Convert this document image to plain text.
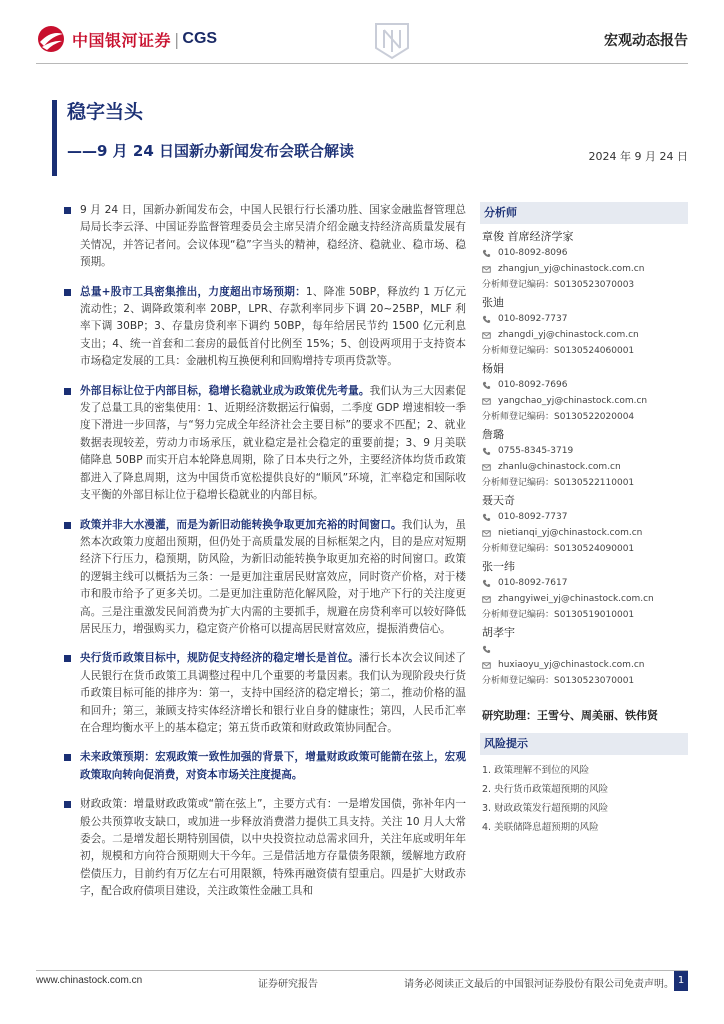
中国银河证券 | CGS	宏观动态报告
稳字当头
——9 月 24 日国新办新闻发布会联合解读	2024 年 9 月 24 日
9 月 24 日，国新办新闻发布会，中国人民银行行长潘功胜、国家金融监督管理总局局长李云泽、中国证券监督管理委员会主席吴清介绍金融支持经济高质量发展有关情况，并答记者问。会议体现“稳”字当头的精神，稳经济、稳就业、稳市场、稳预期。
总量+股市工具密集推出，力度超出市场预期：1、降准 50BP，释放约 1 万亿元流动性；2、调降政策利率 20BP，LPR、存款利率同步下调 20~25BP，MLF 利率下调 30BP；3、存量房贷利率下调约 50BP，每年给居民节约 1500 亿元利息支出；4、统一首套和二套房的最低首付比例至 15%；5、创设两项用于支持资本市场稳定发展的工具：金融机构互换便利和回购增持专项再贷款等。
外部目标让位于内部目标，稳增长稳就业成为政策优先考量。我们认为三大因素促发了总量工具的密集使用：1、近期经济数据运行偏弱，二季度 GDP 增速相较一季度下滑进一步回落，与“努力完成全年经济社会主要目标”的要求不匹配；2、就业数据表现较差，劳动力市场承压，就业稳定是社会稳定的重要前提；3、9 月美联储降息 50BP 而实开启本轮降息周期，除了日本央行之外，主要经济体均货币政策都进入了降息周期，这为中国货币宽松提供良好的“顺风”环境，汇率稳定和国际收支平衡的外部目标让位于稳增长稳就业的内部目标。
政策并非大水漫灌，而是为新旧动能转换争取更加充裕的时间窗口。我们认为，虽然本次政策力度超出预期，但仍处于高质量发展的目标框架之内，目的是应对短期经济下行压力，稳预期，防风险，为新旧动能转换争取更加充裕的时间窗口。政策的逻辑主线可以概括为三条：一是更加注重居民财富效应，同时资产价格，对于楼市和股市给予了更多关切。二是更加注重防范化解风险，对于地产下行的关注度更高。三是注重激发民间消费为扩大内需的主要抓手，规避在房贷利率可以较好降低居民压力，增强购买力，稳定资产价格可以提高居民财富效应，提振消费信心。
央行货币政策目标中，规防促支持经济的稳定增长是首位。潘行长本次会议间述了人民银行在货币政策工具调整过程中几个重要的考量因素。我们认为现阶段央行货币政策目标可能的排序为：第一，支持中国经济的稳定增长；第二，推动价格的温和回升；第三，兼顾支持实体经济增长和银行业自身的健康性；第四，人民币汇率在合理均衡水平上的基本稳定；第五货币政策和财政政策协同配合。
未来政策预期：宏观政策一致性加强的背景下，增量财政政策可能箭在弦上，宏观政策取向转向促消费，对资本市场关注度提高。
财政政策：增量财政政策或“箭在弦上”，主要方式有：一是增发国债，弥补年内一般公共预算收支缺口，或加进一步释放消费潜力提供工具支持。关注 10 月人大常委会。二是增发超长期特别国债，以中央投资拉动总需求回升，关注年底或明年年初，规模和方向符合预期则大干今年。三是借活地方存量债务限额，缓解地方政府偿债压力，目前约有万亿左右可用限额，特殊再融资债有望重启。四是扩大财政赤字，配合政府债项目建设，关注政策性金融工具和
分析师
章俊 首席经济学家
010-8092-8096
zhangjun_yj@chinastock.com.cn
分析师登记编码：S0130523070003
张迪
010-8092-7737
zhangdi_yj@chinastock.com.cn
分析师登记编码：S0130524060001
杨娟
010-8092-7696
yangchao_yj@chinastock.com.cn
分析师登记编码：S0130522020004
詹璐
0755-8345-3719
zhanlu@chinastock.com.cn
分析师登记编码：S0130522110001
聂天奇
010-8092-7737
nietianqi_yj@chinastock.com.cn
分析师登记编码：S0130524090001
张一纬
010-8092-7617
zhangyiwei_yj@chinastock.com.cn
分析师登记编码：S0130519010001
胡孝宇
huxiaoyu_yj@chinastock.com.cn
分析师登记编码：S0130523070001
研究助理：王雪兮、周美丽、铁伟贤
风险提示
1. 政策理解不到位的风险
2. 央行货币政策超预期的风险
3. 财政政策发行超预期的风险
4. 美联储降息超预期的风险
www.chinastock.com.cn	证券研究报告	请务必阅读正文最后的中国银河证券股份有限公司免责声明。 1
